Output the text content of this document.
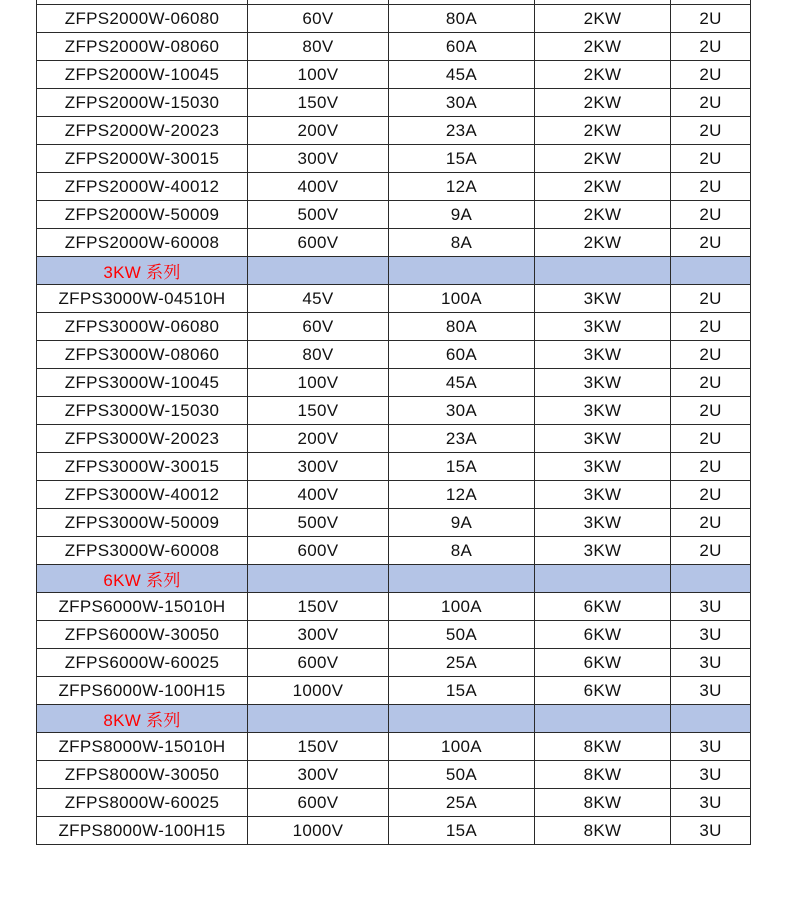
ZFPS2000W-06080	60V	80A	2KW	2U
ZFPS2000W-08060	80V	60A	2KW	2U
ZFPS2000W-10045	100V	45A	2KW	2U
ZFPS2000W-15030	150V	30A	2KW	2U
ZFPS2000W-20023	200V	23A	2KW	2U
ZFPS2000W-30015	300V	15A	2KW	2U
ZFPS2000W-40012	400V	12A	2KW	2U
ZFPS2000W-50009	500V	9A	2KW	2U
ZFPS2000W-60008	600V	8A	2KW	2U
3KW 系列				
ZFPS3000W-04510H	45V	100A	3KW	2U
ZFPS3000W-06080	60V	80A	3KW	2U
ZFPS3000W-08060	80V	60A	3KW	2U
ZFPS3000W-10045	100V	45A	3KW	2U
ZFPS3000W-15030	150V	30A	3KW	2U
ZFPS3000W-20023	200V	23A	3KW	2U
ZFPS3000W-30015	300V	15A	3KW	2U
ZFPS3000W-40012	400V	12A	3KW	2U
ZFPS3000W-50009	500V	9A	3KW	2U
ZFPS3000W-60008	600V	8A	3KW	2U
6KW 系列				
ZFPS6000W-15010H	150V	100A	6KW	3U
ZFPS6000W-30050	300V	50A	6KW	3U
ZFPS6000W-60025	600V	25A	6KW	3U
ZFPS6000W-100H15	1000V	15A	6KW	3U
8KW 系列				
ZFPS8000W-15010H	150V	100A	8KW	3U
ZFPS8000W-30050	300V	50A	8KW	3U
ZFPS8000W-60025	600V	25A	8KW	3U
ZFPS8000W-100H15	1000V	15A	8KW	3U
